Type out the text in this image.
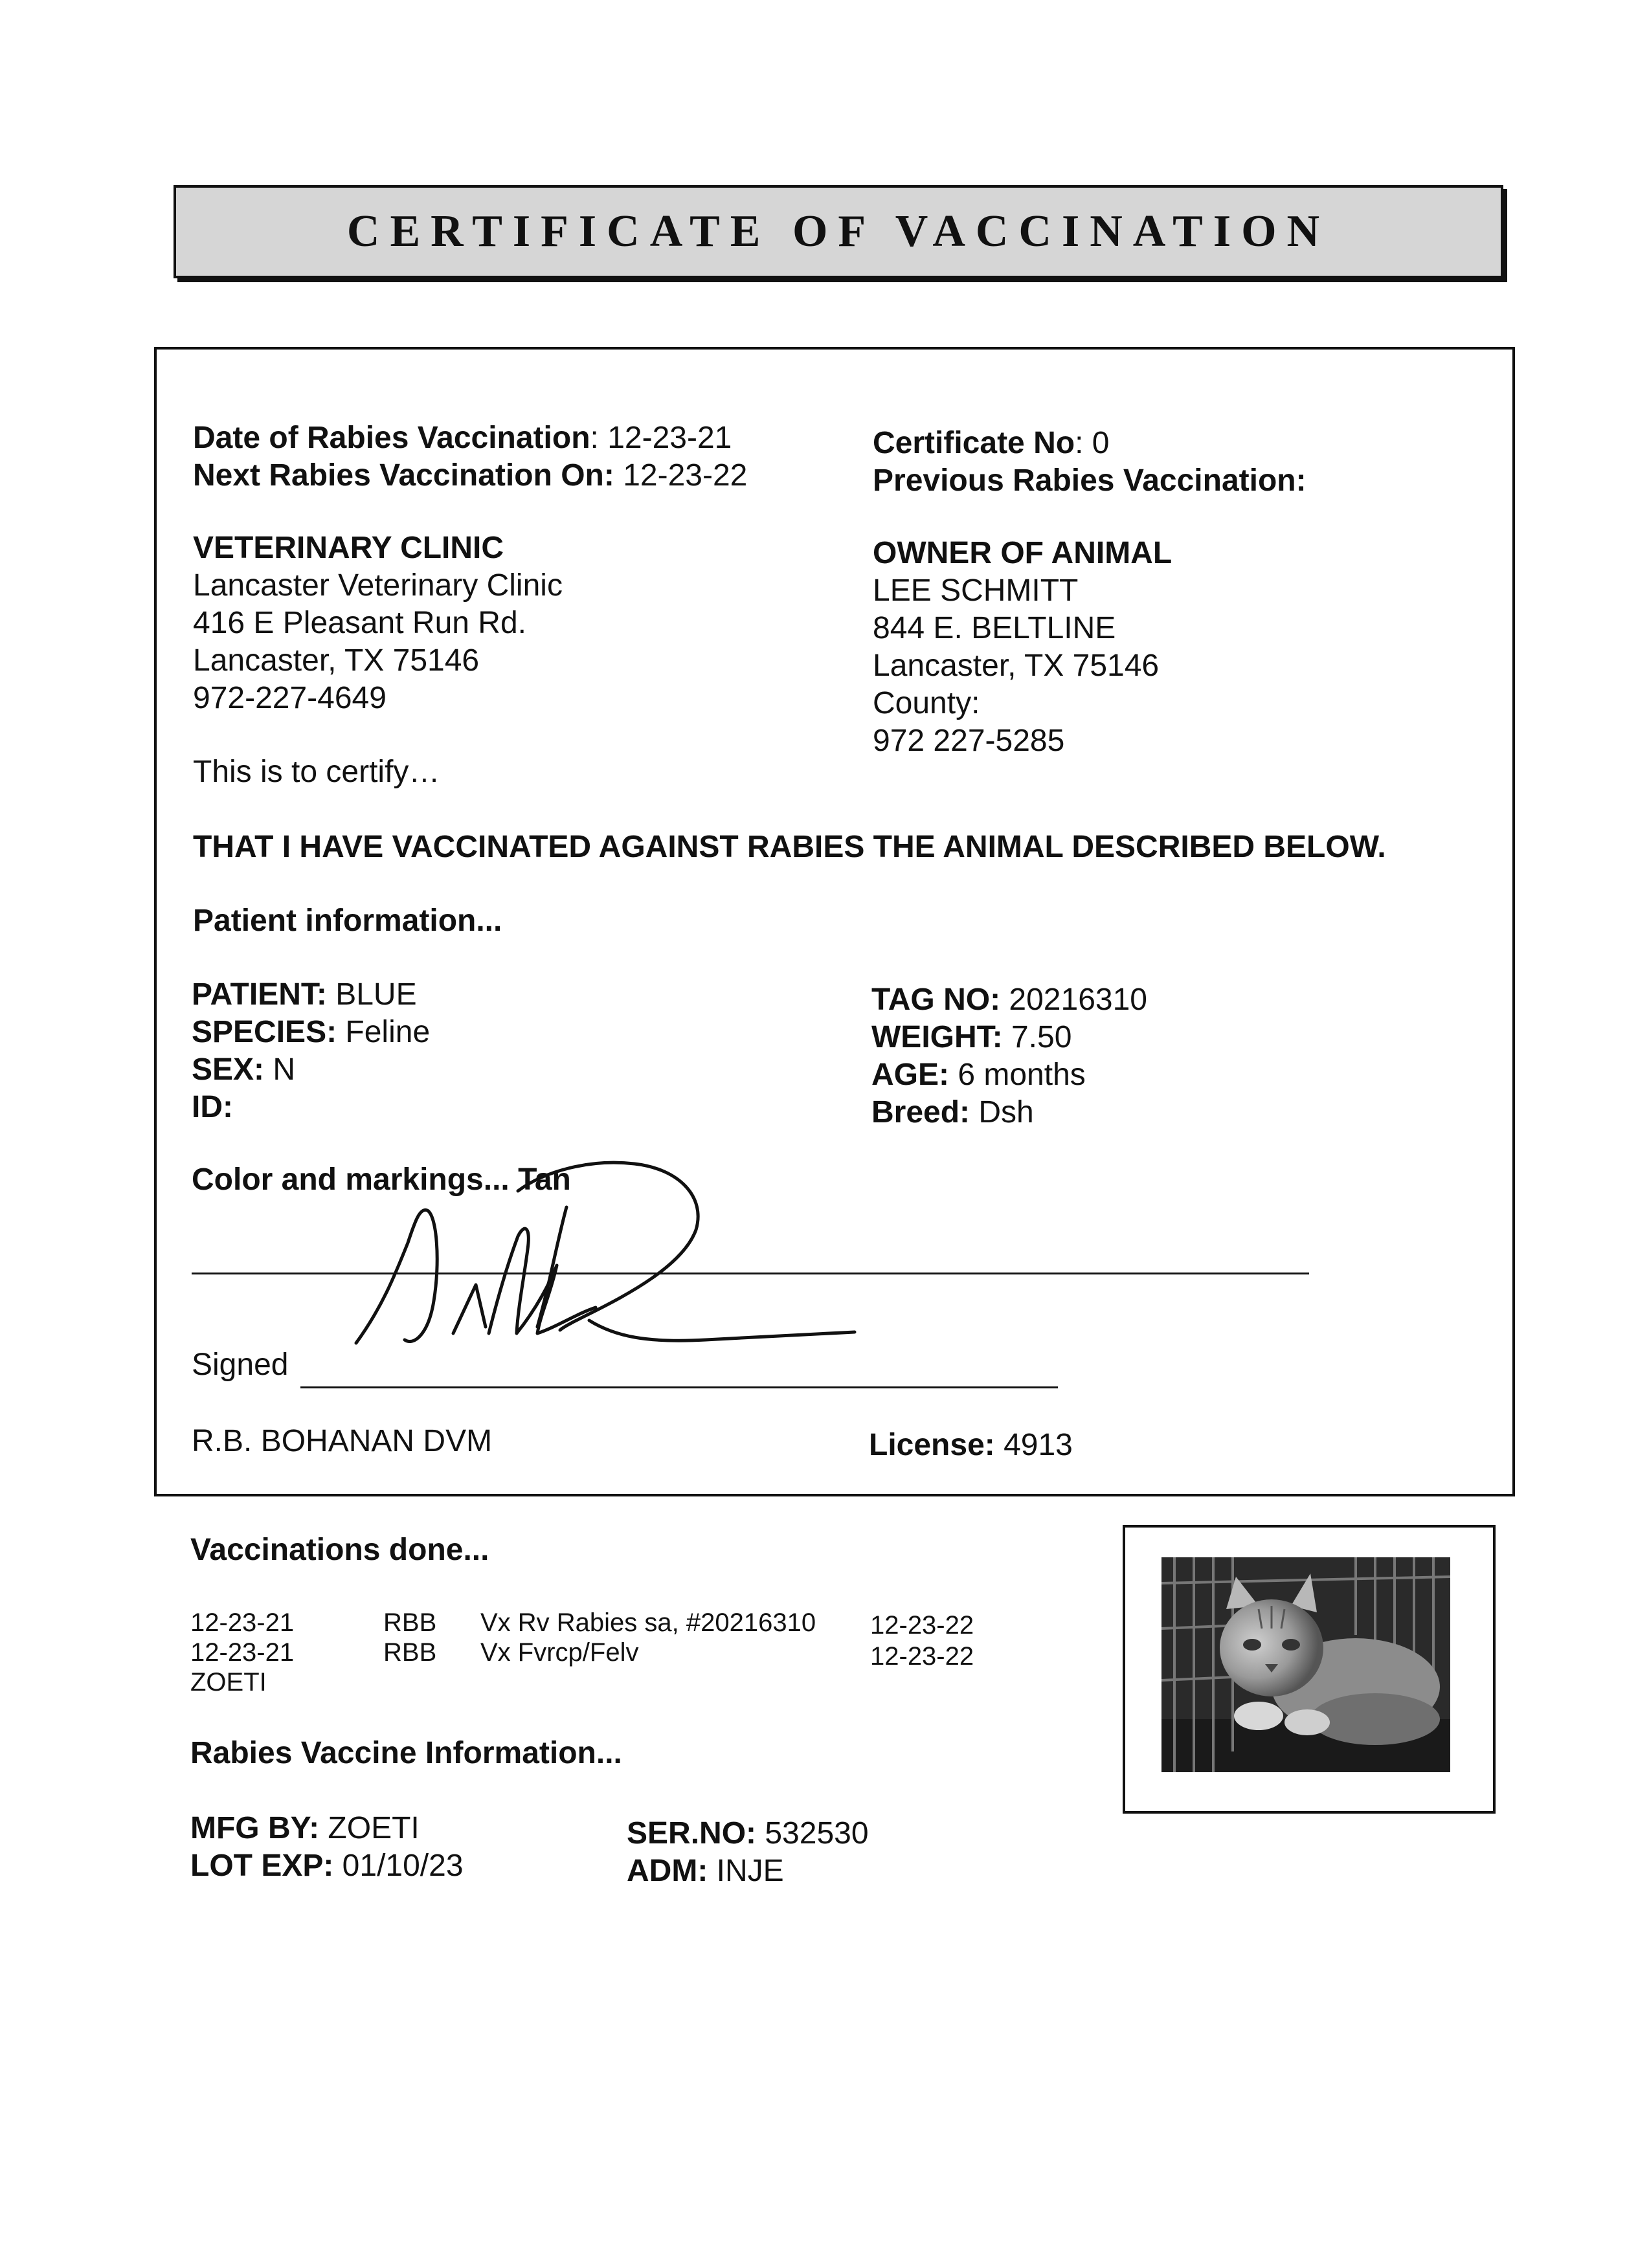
CERTIFICATE OF VACCINATION
Date of Rabies Vaccination: 12-23-21
Next Rabies Vaccination On: 12-23-22
Certificate No: 0
Previous Rabies Vaccination:
VETERINARY CLINIC
Lancaster Veterinary Clinic
416 E Pleasant Run Rd.
Lancaster, TX 75146
972-227-4649
OWNER OF ANIMAL
LEE SCHMITT
844 E. BELTLINE
Lancaster, TX 75146
County:
972 227-5285
This is to certify…
THAT I HAVE VACCINATED AGAINST RABIES THE ANIMAL DESCRIBED BELOW.
Patient information...
PATIENT: BLUE
SPECIES: Feline
SEX: N
ID:
TAG NO: 20216310
WEIGHT: 7.50
AGE: 6 months
Breed: Dsh
Color and markings... Tan
Signed
R.B. BOHANAN DVM	License: 4913
Vaccinations done...
12-23-21	RBB Vx Rv Rabies sa, #20216310 12-23-22
12-23-21	RBB Vx Fvrcp/Felv	12-23-22
ZOETI
Rabies Vaccine Information...
MFG BY: ZOETI
LOT EXP: 01/10/23
SER.NO: 532530
ADM: INJE
